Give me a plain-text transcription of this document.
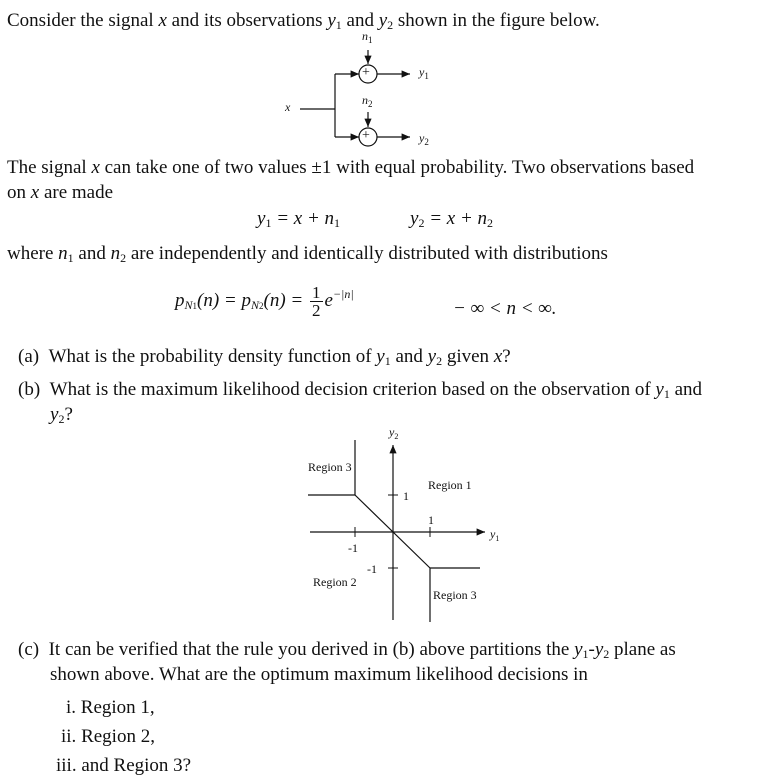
Consider the signal x and its observations $y_1$ and $y_2$ shown in the figure below.
+
+
x
$n_1$
$n_2$
$y_1$
$y_2$
The signal x can take one of two values ±1 with equal probability. Two observations based
on x are made
$y_1 = x + n_1$	$y_2 = x + n_2$
where $n_1$ and $n_2$ are independently and identically distributed with distributions
$p_{N1}(n) = p_{N2}(n) = \frac{1}{2} e^{-|n|}$
− ∞ < n < ∞.
(a) What is the probability density function of $y_1$ and $y_2$ given x?
(b) What is the maximum likelihood decision criterion based on the observation of $y_1$ and
$y_2$?
$y_2$
$y_1$
Region 3
Region 1
Region 2
Region 3
1
1
-1
-1
(c) It can be verified that the rule you derived in (b) above partitions the $y_1-y_2$ plane as
shown above. What are the optimum maximum likelihood decisions in
i. Region 1,
ii. Region 2,
iii. and Region 3?
